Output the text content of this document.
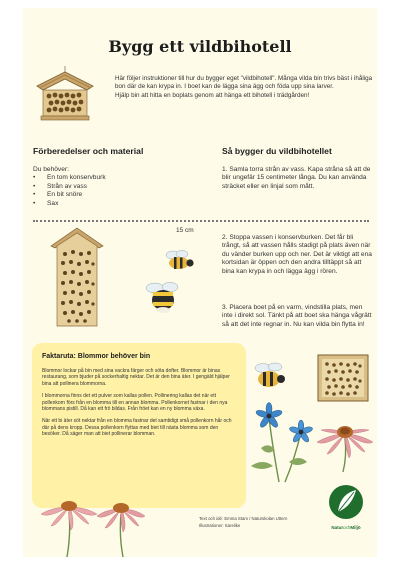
Bygg ett vildbihotell

Här följer instruktioner till hur du bygger eget "vildbihotell". Många vilda bin trivs bäst i ihåliga bon där de kan krypa in. I boet kan de lägga sina ägg och föda upp sina larver.

Hjälp bin att hitta en boplats genom att hänga ett bihotell i trädgården!

Förberedelser och material	Så bygger du vildbihotellet
Du behöver:
• En tom konservburk
• Strån av vass
• En bit snöre
• Sax
1. Samla torra strån av vass. Kapa stråna så att de blir ungefär 15 centimeter långa. Du kan använda sträcket eller en linjal som mått.
15 cm
2. Stoppa vassen i konservburken. Det får bli trångt, så att vassen hålls stadigt på plats även när du vänder burken upp och ner. Det är viktigt att ena kortsidan är öppen och den andra tilltäppt så att bina kan krypa in och lägga ägg i rören.
3. Placera boet på en varm, vindstilla plats, men inte i direkt sol. Tänkt på att boet ska hänga vågrätt så att det inte regnar in. Nu kan vilda bin flytta in!
Faktaruta: Blommor behöver bin

Blommor lockar på bin med sina vackra färger och söta dofter. Blommor är binas restaurang, som bjuder på sockerhaltig nektar. Det är den bina äter. I gengäld hjälper bina att pollinera blommorna.

I blommorna finns det ett pulver som kallas pollen. Pollinering kallas det när ett pollenkorn förs från en blomma till en annan blomma. Pollenkornet fastnar i den nya blommans pistill. Då kan ett frö bildas. Från fröet kan en ny blomma växa.

När ett bi äter söt nektar från en blomma fastnar det samtidigt små pollenkorn hår och där på dens kropp. Dessa pollenkorn flyttas med biet till nästa blomma som den besöker. Då säger man att biet pollinerar blomman.

Text och idé: Emma Stam / Naturskolan Uttern
Illustrationer: Sarelike	NaturochMiljö
